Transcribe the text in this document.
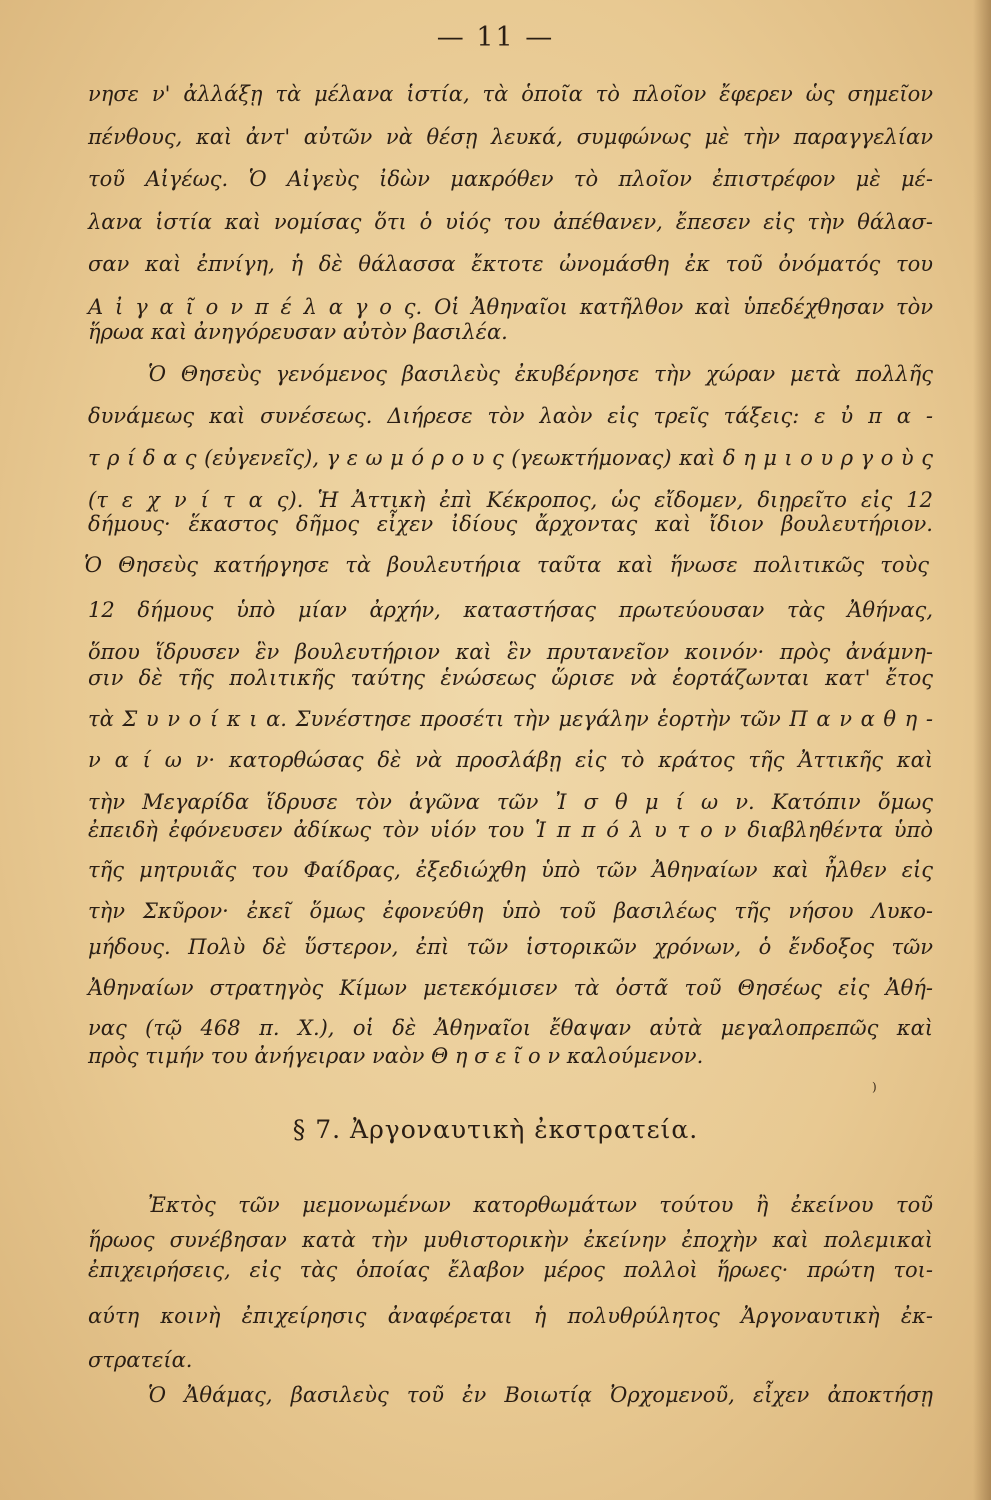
— 11 —
νησε ν' ἀλλάξῃ τὰ μέλανα ἱστία, τὰ ὁποῖα τὸ πλοῖον ἔφερεν ὡς σημεῖον
πένθους, καὶ ἀντ' αὐτῶν νὰ θέσῃ λευκά, συμφώνως μὲ τὴν παραγγελίαν
τοῦ Αἰγέως. Ὁ Αἰγεὺς ἰδὼν μακρόθεν τὸ πλοῖον ἐπιστρέφον μὲ μέ-
λανα ἱστία καὶ νομίσας ὅτι ὁ υἱός του ἀπέθανεν, ἔπεσεν εἰς τὴν θάλασ-
σαν καὶ ἐπνίγη, ἡ δὲ θάλασσα ἔκτοτε ὠνομάσθη ἐκ τοῦ ὀνόματός του
Α ἰ γ α ῖ ο ν π έ λ α γ ο ς. Οἱ Ἀθηναῖοι κατῆλθον καὶ ὑπεδέχθησαν τὸν
ἥρωα καὶ ἀνηγόρευσαν αὐτὸν βασιλέα.
Ὁ Θησεὺς γενόμενος βασιλεὺς ἐκυβέρνησε τὴν χώραν μετὰ πολλῆς
δυνάμεως καὶ συνέσεως. Διήρεσε τὸν λαὸν εἰς τρεῖς τάξεις: ε ὐ π α -
τ ρ ί δ α ς (εὐγενεῖς), γ ε ω μ ό ρ ο υ ς (γεωκτήμονας) καὶ δ η μ ι ο υ ρ γ ο ὺ ς
(τ ε χ ν ί τ α ς). Ἡ Ἀττικὴ ἐπὶ Κέκροπος, ὡς εἴδομεν, διῃρεῖτο εἰς 12
δήμους· ἕκαστος δῆμος εἶχεν ἰδίους ἄρχοντας καὶ ἴδιον βουλευτήριον.
Ὁ Θησεὺς κατήργησε τὰ βουλευτήρια ταῦτα καὶ ἥνωσε πολιτικῶς τοὺς
12 δήμους ὑπὸ μίαν ἀρχήν, καταστήσας πρωτεύουσαν τὰς Ἀθήνας,
ὅπου ἵδρυσεν ἓν βουλευτήριον καὶ ἓν πρυτανεῖον κοινόν· πρὸς ἀνάμνη-
σιν δὲ τῆς πολιτικῆς ταύτης ἑνώσεως ὥρισε νὰ ἑορτάζωνται κατ' ἔτος
τὰ Σ υ ν ο ί κ ι α. Συνέστησε προσέτι τὴν μεγάλην ἑορτὴν τῶν Π α ν α θ η -
ν α ί ω ν· κατορθώσας δὲ νὰ προσλάβῃ εἰς τὸ κράτος τῆς Ἀττικῆς καὶ
τὴν Μεγαρίδα ἵδρυσε τὸν ἀγῶνα τῶν Ἰ σ θ μ ί ω ν. Κατόπιν ὅμως
ἐπειδὴ ἐφόνευσεν ἀδίκως τὸν υἱόν του Ἱ π π ό λ υ τ ο ν διαβληθέντα ὑπὸ
τῆς μητρυιᾶς του Φαίδρας, ἐξεδιώχθη ὑπὸ τῶν Ἀθηναίων καὶ ἦλθεν εἰς
τὴν Σκῦρον· ἐκεῖ ὅμως ἐφονεύθη ὑπὸ τοῦ βασιλέως τῆς νήσου Λυκο-
μήδους. Πολὺ δὲ ὕστερον, ἐπὶ τῶν ἱστορικῶν χρόνων, ὁ ἔνδοξος τῶν
Ἀθηναίων στρατηγὸς Κίμων μετεκόμισεν τὰ ὀστᾶ τοῦ Θησέως εἰς Ἀθή-
νας (τῷ 468 π. Χ.), οἱ δὲ Ἀθηναῖοι ἔθαψαν αὐτὰ μεγαλοπρεπῶς καὶ
πρὸς τιμήν του ἀνήγειραν ναὸν Θ η σ ε ῖ ο ν καλούμενον.
)
§ 7. Ἀργοναυτικὴ ἐκστρατεία.
Ἐκτὸς τῶν μεμονωμένων κατορθωμάτων τούτου ἢ ἐκείνου τοῦ
ἥρωος συνέβησαν κατὰ τὴν μυθιστορικὴν ἐκείνην ἐποχὴν καὶ πολεμικαὶ
ἐπιχειρήσεις, εἰς τὰς ὁποίας ἔλαβον μέρος πολλοὶ ἥρωες· πρώτη τοι-
αύτη κοινὴ ἐπιχείρησις ἀναφέρεται ἡ πολυθρύλητος Ἀργοναυτικὴ ἐκ-
στρατεία.
Ὁ Ἀθάμας, βασιλεὺς τοῦ ἐν Βοιωτίᾳ Ὀρχομενοῦ, εἶχεν ἀποκτήσῃ
